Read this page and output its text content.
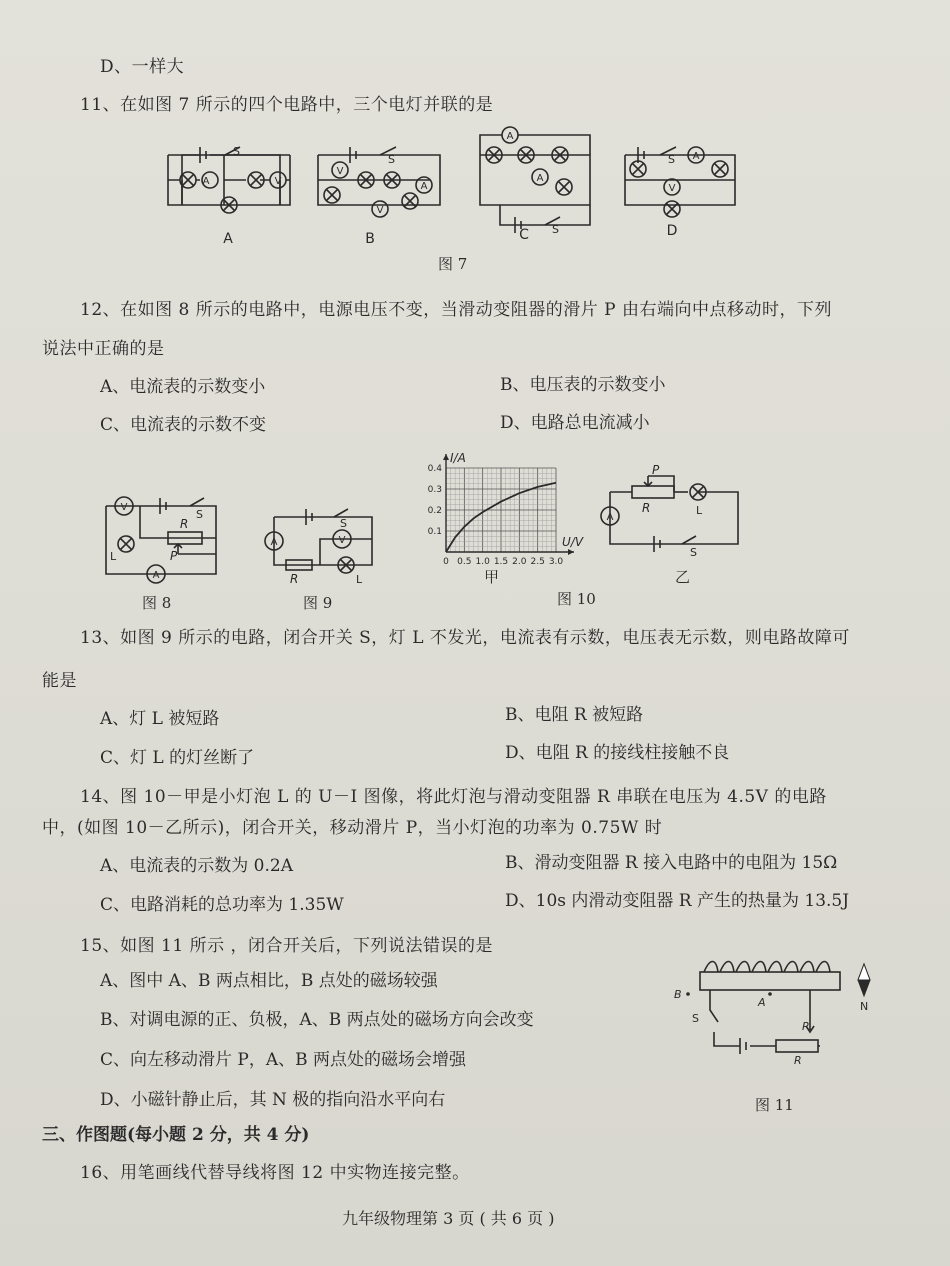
D、一样大
11、在如图 7 所示的四个电路中，三个电灯并联的是
A	V
V
V
A
A
A
A
V
S
S
S
S
A	B	C	D
图 7
12、在如图 8 所示的电路中，电源电压不变，当滑动变阻器的滑片 P 由右端向中点移动时，下列
说法中正确的是
A、电流表的示数变小	B、电压表的示数变小
C、电流表的示数不变	D、电路总电流减小
V
A
S
R
P
L
图 8
A	V
S
R	L
图 9
0 0.5 1.0 1.5 2.0 2.5 3.0
0.1
0.2
0.3
0.4
I/A
U/V
甲
A
P
R	L
S
乙
图 10
13、如图 9 所示的电路，闭合开关 S，灯 L 不发光，电流表有示数，电压表无示数，则电路故障可
能是
A、灯 L 被短路	B、电阻 R 被短路
C、灯 L 的灯丝断了	D、电阻 R 的接线柱接触不良
14、图 10－甲是小灯泡 L 的 U－I 图像，将此灯泡与滑动变阻器 R 串联在电压为 4.5V 的电路
中，(如图 10－乙所示)，闭合开关，移动滑片 P，当小灯泡的功率为 0.75W 时
A、电流表的示数为 0.2A	B、滑动变阻器 R 接入电路中的电阻为 15Ω
C、电路消耗的总功率为 1.35W	D、10s 内滑动变阻器 R 产生的热量为 13.5J
15、如图 11 所示 ，闭合开关后，下列说法错误的是
A、图中 A、B 两点相比，B 点处的磁场较强
B、对调电源的正、负极，A、B 两点处的磁场方向会改变
C、向左移动滑片 P，A、B 两点处的磁场会增强
D、小磁针静止后，其 N 极的指向沿水平向右
B
A
S
P
R
N
图 11
三、作图题(每小题 2 分，共 4 分)
16、用笔画线代替导线将图 12 中实物连接完整。
九年级物理第 3 页 ( 共 6 页 )
